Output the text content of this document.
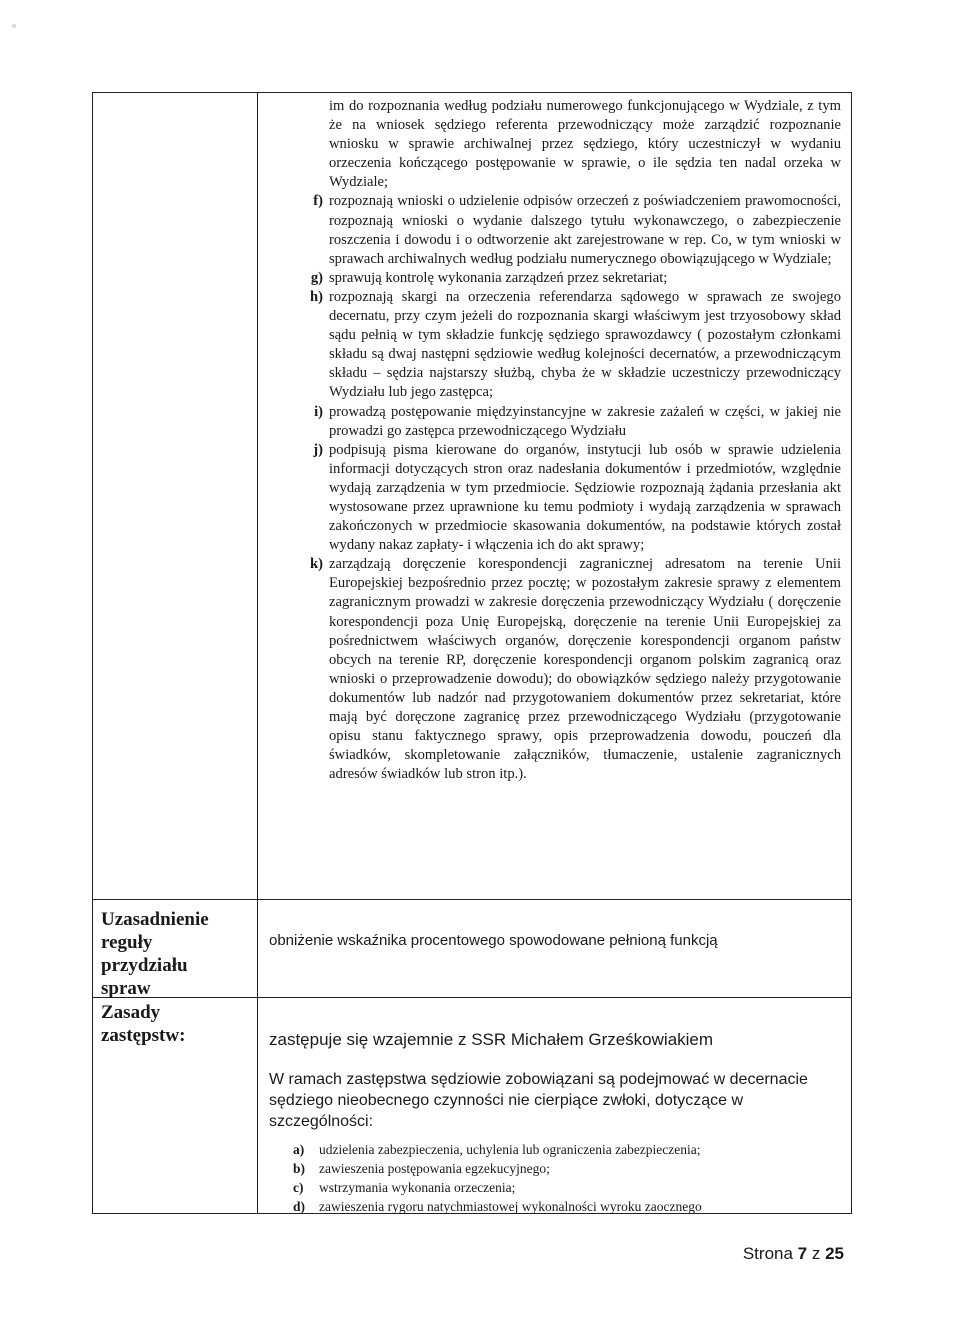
im do rozpoznania według podziału numerowego funkcjonującego w Wydziale, z tym że na wniosek sędziego referenta przewodniczący może zarządzić rozpoznanie wniosku w sprawie archiwalnej przez sędziego, który uczestniczył w wydaniu orzeczenia kończącego postępowanie w sprawie, o ile sędzia ten nadal orzeka w Wydziale;

f) rozpoznają wnioski o udzielenie odpisów orzeczeń z poświadczeniem prawomocności, rozpoznają wnioski o wydanie dalszego tytułu wykonawczego, o zabezpieczenie roszczenia i dowodu i o odtworzenie akt zarejestrowane w rep. Co, w tym wnioski w sprawach archiwalnych według podziału numerycznego obowiązującego w Wydziale;

g) sprawują kontrolę wykonania zarządzeń przez sekretariat;

h) rozpoznają skargi na orzeczenia referendarza sądowego w sprawach ze swojego decernatu, przy czym jeżeli do rozpoznania skargi właściwym jest trzyosobowy skład sądu pełnią w tym składzie funkcję sędziego sprawozdawcy ( pozostałym członkami składu są dwaj następni sędziowie według kolejności decernatów, a przewodniczącym składu – sędzia najstarszy służbą, chyba że w składzie uczestniczy przewodniczący Wydziału lub jego zastępca;

i) prowadzą postępowanie międzyinstancyjne w zakresie zażaleń w części, w jakiej nie prowadzi go zastępca przewodniczącego Wydziału

j) podpisują pisma kierowane do organów, instytucji lub osób w sprawie udzielenia informacji dotyczących stron oraz nadesłania dokumentów i przedmiotów, względnie wydają zarządzenia w tym przedmiocie. Sędziowie rozpoznają żądania przesłania akt wystosowane przez uprawnione ku temu podmioty i wydają zarządzenia w sprawach zakończonych w przedmiocie skasowania dokumentów, na podstawie których został wydany nakaz zapłaty- i włączenia ich do akt sprawy;

k) zarządzają doręczenie korespondencji zagranicznej adresatom na terenie Unii Europejskiej bezpośrednio przez pocztę; w pozostałym zakresie sprawy z elementem zagranicznym prowadzi w zakresie doręczenia przewodniczący Wydziału ( doręczenie korespondencji poza Unię Europejską, doręczenie na terenie Unii Europejskiej za pośrednictwem właściwych organów, doręczenie korespondencji organom państw obcych na terenie RP, doręczenie korespondencji organom polskim zagranicą oraz wnioski o przeprowadzenie dowodu); do obowiązków sędziego należy przygotowanie dokumentów lub nadzór nad przygotowaniem dokumentów przez sekretariat, które mają być doręczone zagranicę przez przewodniczącego Wydziału (przygotowanie opisu stanu faktycznego sprawy, opis przeprowadzenia dowodu, pouczeń dla świadków, skompletowanie załączników, tłumaczenie, ustalenie zagranicznych adresów świadków lub stron itp.).

Uzasadnienie reguły przydziału spraw
obniżenie wskaźnika procentowego spowodowane pełnioną funkcją
Zasady zastępstw:	zastępuje się wzajemnie z SSR Michałem Grześkowiakiem

W ramach zastępstwa sędziowie zobowiązani są podejmować w decernacie sędziego nieobecnego czynności nie cierpiące zwłoki, dotyczące w szczególności:

a) udzielenia zabezpieczenia, uchylenia lub ograniczenia zabezpieczenia;

b) zawieszenia postępowania egzekucyjnego;

c) wstrzymania wykonania orzeczenia;

d) zawieszenia rygoru natychmiastowej wykonalności wyroku zaocznego

Strona 7 z 25
